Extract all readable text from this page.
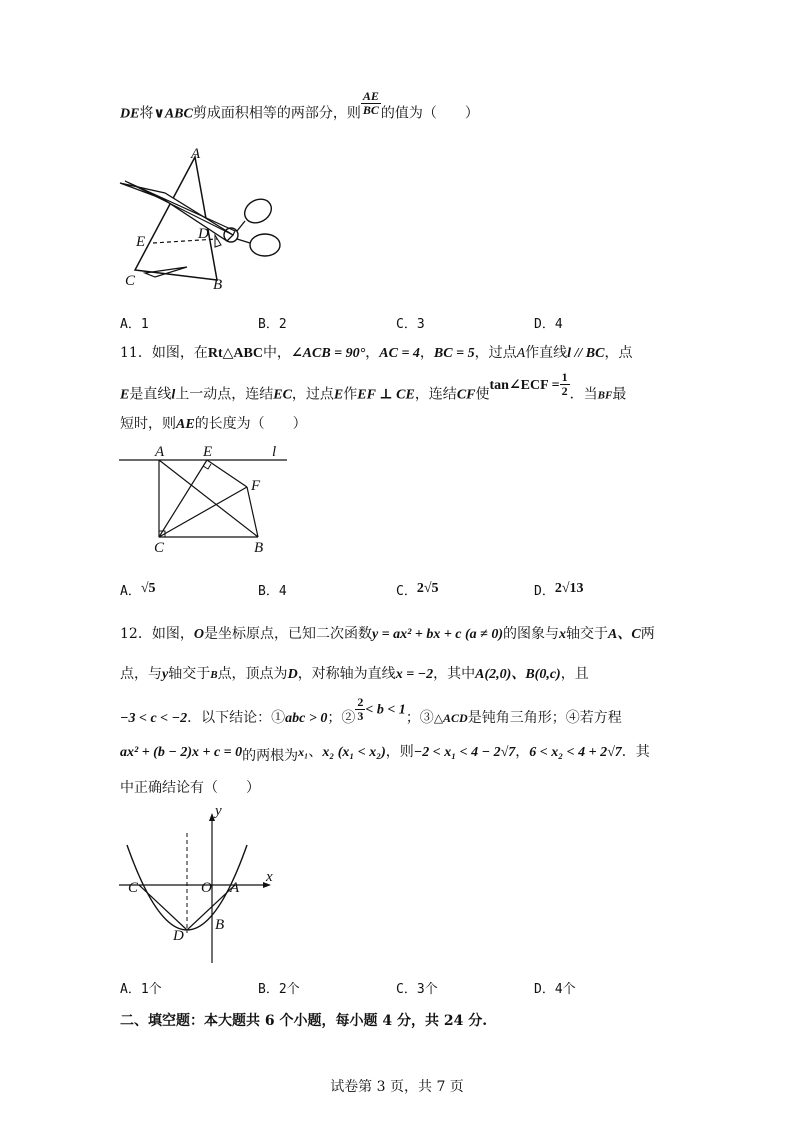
DE将∨ABC剪成面积相等的两部分，则 $\frac{AE}{BC}$ 的值为（　　）
A
E	D
C	B
A．1	B．2	C．3	D．4
11．如图，在Rt△ABC中，∠ACB = 90°，AC = 4，BC = 5，过点A作直线l // BC，点
E是直线l上一动点，连结EC，过点E作EF ⊥ CE，连结CF使tan∠ECF = $\frac{1}{2}$ ．当BF最
短时，则AE的长度为（　　）
A	E	l
F
C	B
A．√5	B．4	C．2√5	D．2√13
12．如图，O是坐标原点，已知二次函数y = ax² + bx + c (a ≠ 0)的图象与x轴交于A、C两
点，与y轴交于B点，顶点为D，对称轴为直线x = −2，其中A(2,0)、B(0,c)，且
−3 < c < −2．以下结论：①abc > 0；② $\frac{2}{3} < b < 1$；③△ACD是钝角三角形；④若方程
ax² + (b − 2)x + c = 0的两根为x₁、x₂ (x₁ < x₂)，则−2 < x₁ < 4 − 2√7，6 < x₂ < 4 + 2√7．其
中正确结论有（　　）
y
x
C	O A
B
D
A．1个	B．2个	C．3个	D．4个
二、填空题：本大题共 6 个小题，每小题 4 分，共 24 分.
试卷第 3 页，共 7 页
